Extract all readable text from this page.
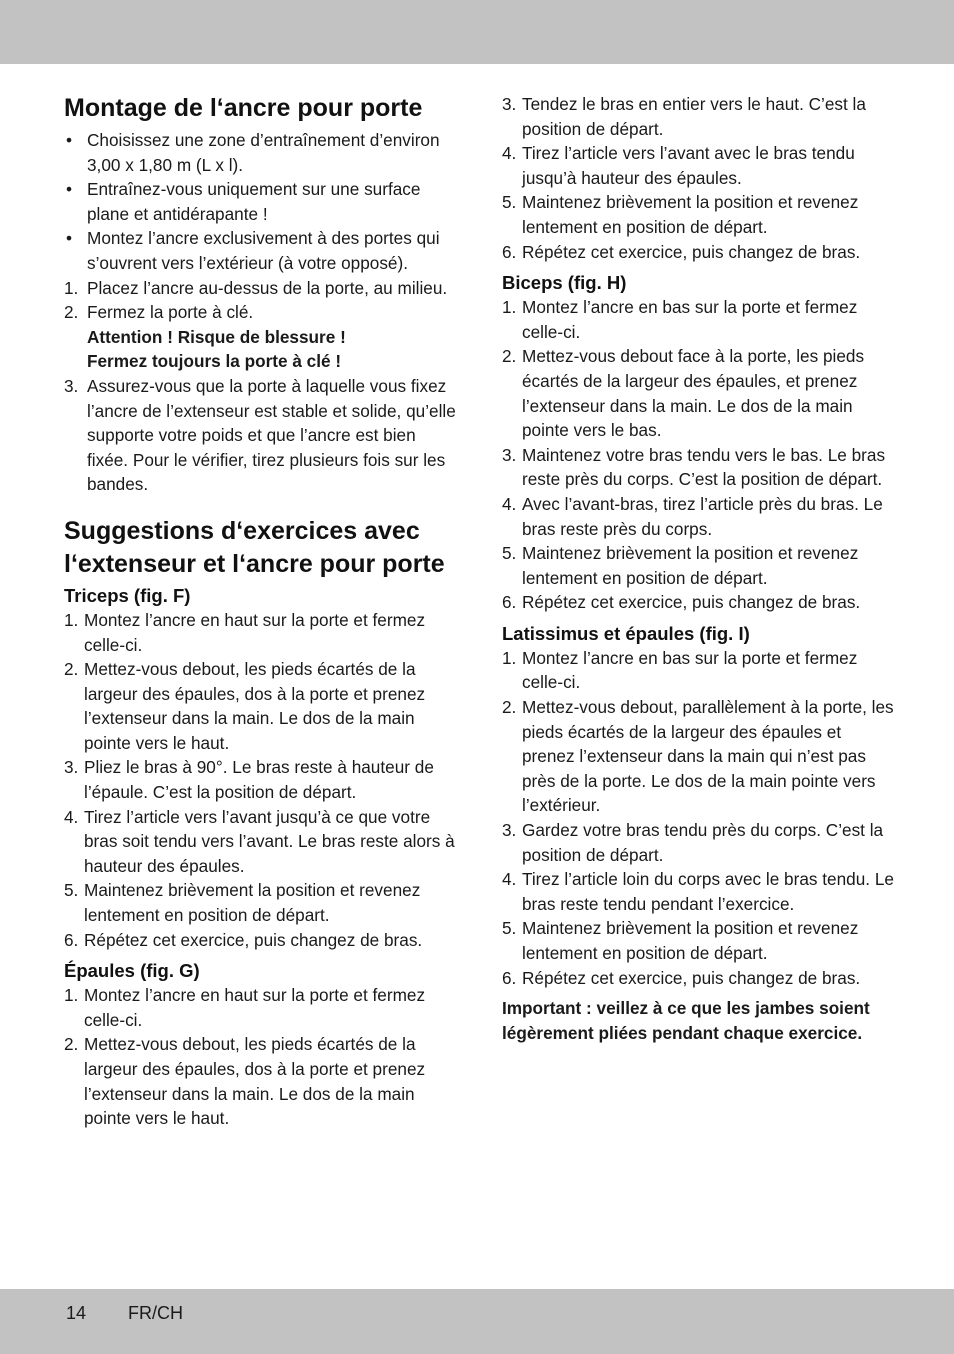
Montage de l‘ancre pour porte
• Choisissez une zone d’entraînement d’environ 3,00 x 1,80 m (L x l).
• Entraînez-vous uniquement sur une surface plane et antidérapante !
• Montez l’ancre exclusivement à des portes qui s’ouvrent vers l’extérieur (à votre opposé).
1. Placez l’ancre au-dessus de la porte, au milieu.
2. Fermez la porte à clé.
Attention ! Risque de blessure !
Fermez toujours la porte à clé !
3. Assurez-vous que la porte à laquelle vous fixez l’ancre de l’extenseur est stable et solide, qu’elle supporte votre poids et que l’ancre est bien fixée. Pour le vérifier, tirez plusieurs fois sur les bandes.
Suggestions d‘exercices avec l‘extenseur et l‘ancre pour porte
Triceps (fig. F)
1. Montez l’ancre en haut sur la porte et fermez celle-ci.
2. Mettez-vous debout, les pieds écartés de la largeur des épaules, dos à la porte et prenez l’extenseur dans la main. Le dos de la main pointe vers le haut.
3. Pliez le bras à 90°. Le bras reste à hauteur de l’épaule. C’est la position de départ.
4. Tirez l’article vers l’avant jusqu’à ce que votre bras soit tendu vers l’avant. Le bras reste alors à hauteur des épaules.
5. Maintenez brièvement la position et revenez lentement en position de départ.
6. Répétez cet exercice, puis changez de bras.
Épaules (fig. G)
1. Montez l’ancre en haut sur la porte et fermez celle-ci.
2. Mettez-vous debout, les pieds écartés de la largeur des épaules, dos à la porte et prenez l’extenseur dans la main. Le dos de la main pointe vers le haut.
3. Tendez le bras en entier vers le haut. C’est la position de départ.
4. Tirez l’article vers l’avant avec le bras tendu jusqu’à hauteur des épaules.
5. Maintenez brièvement la position et revenez lentement en position de départ.
6. Répétez cet exercice, puis changez de bras.
Biceps (fig. H)
1. Montez l’ancre en bas sur la porte et fermez celle-ci.
2. Mettez-vous debout face à la porte, les pieds écartés de la largeur des épaules, et prenez l’extenseur dans la main. Le dos de la main pointe vers le bas.
3. Maintenez votre bras tendu vers le bas. Le bras reste près du corps. C’est la position de départ.
4. Avec l’avant-bras, tirez l’article près du bras. Le bras reste près du corps.
5. Maintenez brièvement la position et revenez lentement en position de départ.
6. Répétez cet exercice, puis changez de bras.
Latissimus et épaules (fig. I)
1. Montez l’ancre en bas sur la porte et fermez celle-ci.
2. Mettez-vous debout, parallèlement à la porte, les pieds écartés de la largeur des épaules et prenez l’extenseur dans la main qui n’est pas près de la porte. Le dos de la main pointe vers l’extérieur.
3. Gardez votre bras tendu près du corps. C’est la position de départ.
4. Tirez l’article loin du corps avec le bras tendu. Le bras reste tendu pendant l’exercice.
5. Maintenez brièvement la position et revenez lentement en position de départ.
6. Répétez cet exercice, puis changez de bras.

Important : veillez à ce que les jambes soient légèrement pliées pendant chaque exercice.

14 FR/CH
